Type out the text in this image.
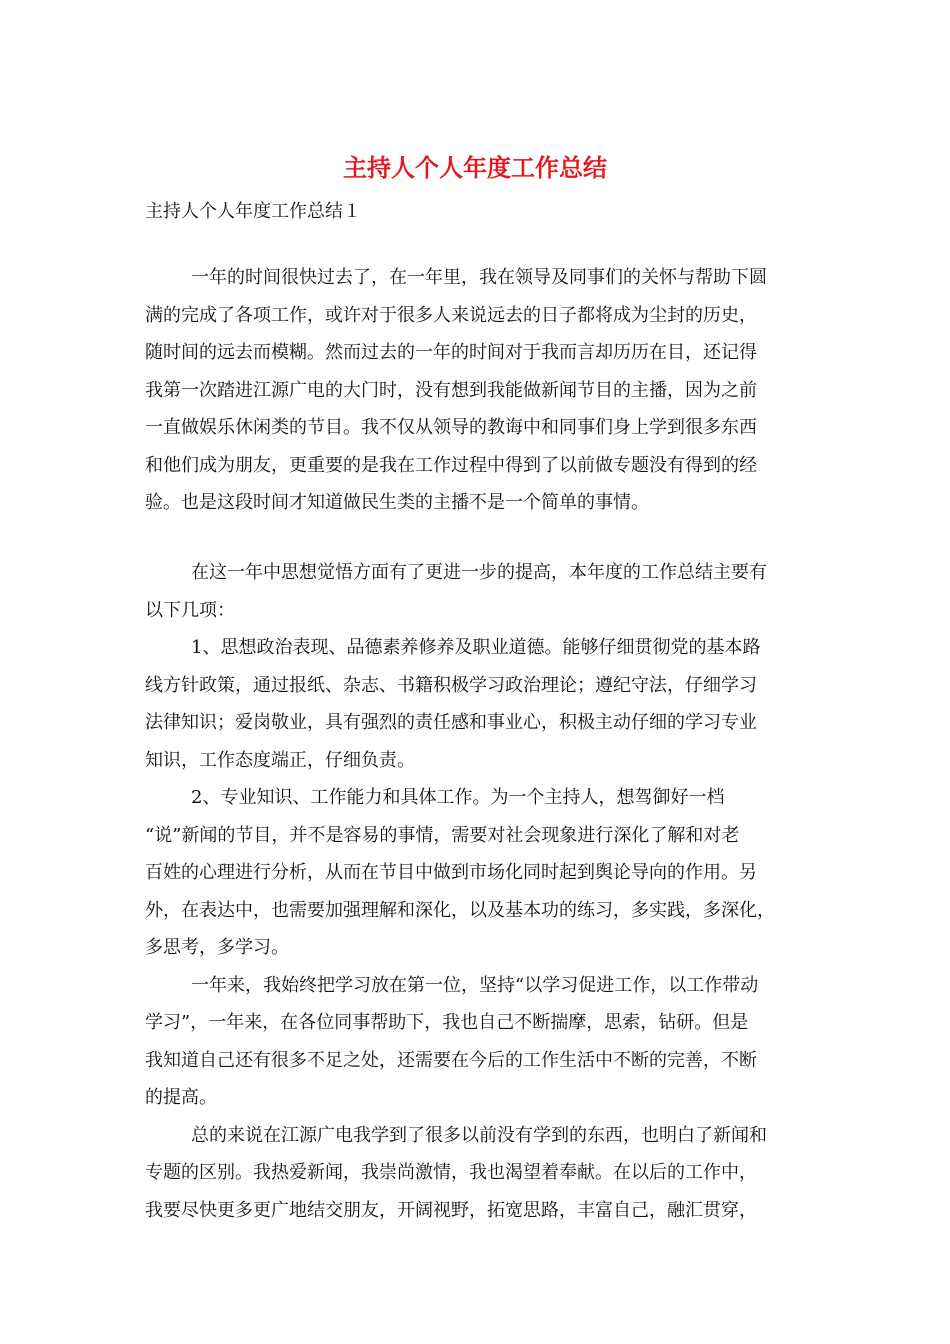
主持人个人年度工作总结
主持人个人年度工作总结１
一年的时间很快过去了，在一年里，我在领导及同事们的关怀与帮助下圆
满的完成了各项工作，或许对于很多人来说远去的日子都将成为尘封的历史，
随时间的远去而模糊。然而过去的一年的时间对于我而言却历历在目，还记得
我第一次踏进江源广电的大门时，没有想到我能做新闻节目的主播，因为之前
一直做娱乐休闲类的节目。我不仅从领导的教诲中和同事们身上学到很多东西
和他们成为朋友，更重要的是我在工作过程中得到了以前做专题没有得到的经
验。也是这段时间才知道做民生类的主播不是一个简单的事情。
在这一年中思想觉悟方面有了更进一步的提高，本年度的工作总结主要有
以下几项：
1、思想政治表现、品德素养修养及职业道德。能够仔细贯彻党的基本路
线方针政策，通过报纸、杂志、书籍积极学习政治理论；遵纪守法，仔细学习
法律知识；爱岗敬业，具有强烈的责任感和事业心，积极主动仔细的学习专业
知识，工作态度端正，仔细负责。
2、专业知识、工作能力和具体工作。为一个主持人，想驾御好一档
“说”新闻的节目，并不是容易的事情，需要对社会现象进行深化了解和对老
百姓的心理进行分析，从而在节目中做到市场化同时起到舆论导向的作用。另
外，在表达中，也需要加强理解和深化，以及基本功的练习，多实践，多深化，
多思考，多学习。
一年来，我始终把学习放在第一位，坚持“以学习促进工作，以工作带动
学习”，一年来，在各位同事帮助下，我也自己不断揣摩，思索，钻研。但是
我知道自己还有很多不足之处，还需要在今后的工作生活中不断的完善，不断
的提高。
总的来说在江源广电我学到了很多以前没有学到的东西，也明白了新闻和
专题的区别。我热爱新闻，我崇尚激情，我也渴望着奉献。在以后的工作中，
我要尽快更多更广地结交朋友，开阔视野，拓宽思路，丰富自己，融汇贯穿，
